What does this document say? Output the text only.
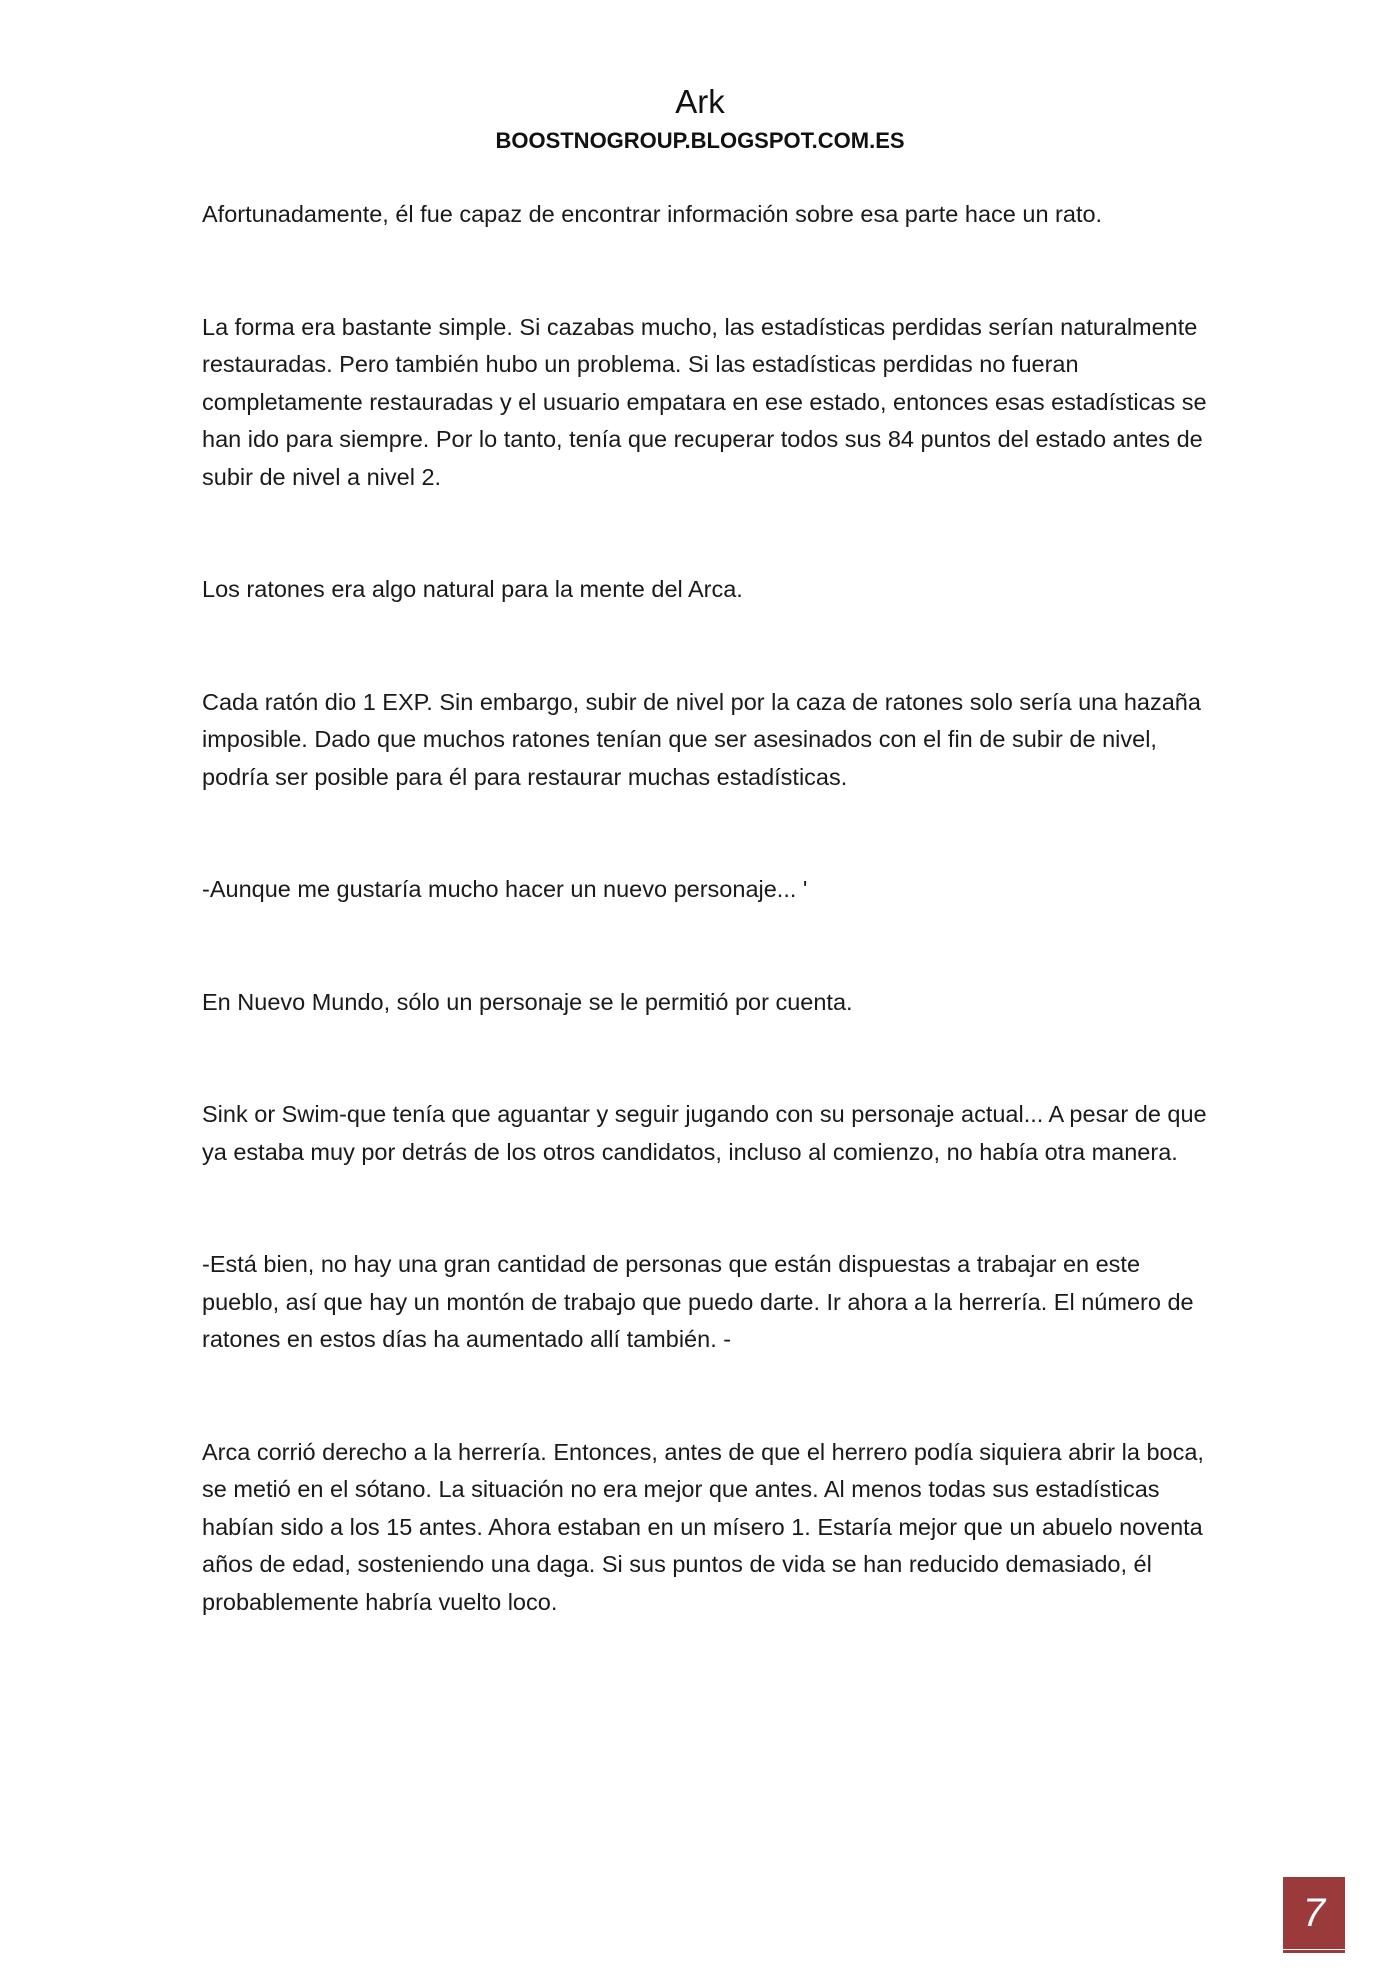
Ark
BOOSTNOGROUP.BLOGSPOT.COM.ES

Afortunadamente, él fue capaz de encontrar información sobre esa parte hace un rato.

La forma era bastante simple. Si cazabas mucho, las estadísticas perdidas serían naturalmente restauradas. Pero también hubo un problema. Si las estadísticas perdidas no fueran completamente restauradas y el usuario empatara en ese estado, entonces esas estadísticas se han ido para siempre. Por lo tanto, tenía que recuperar todos sus 84 puntos del estado antes de subir de nivel a nivel 2.

Los ratones era algo natural para la mente del Arca.

Cada ratón dio 1 EXP. Sin embargo, subir de nivel por la caza de ratones solo sería una hazaña imposible. Dado que muchos ratones tenían que ser asesinados con el fin de subir de nivel, podría ser posible para él para restaurar muchas estadísticas.

-Aunque me gustaría mucho hacer un nuevo personaje... '

En Nuevo Mundo, sólo un personaje se le permitió por cuenta.

Sink or Swim-que tenía que aguantar y seguir jugando con su personaje actual... A pesar de que ya estaba muy por detrás de los otros candidatos, incluso al comienzo, no había otra manera.

-Está bien, no hay una gran cantidad de personas que están dispuestas a trabajar en este pueblo, así que hay un montón de trabajo que puedo darte. Ir ahora a la herrería. El número de ratones en estos días ha aumentado allí también. -

Arca corrió derecho a la herrería. Entonces, antes de que el herrero podía siquiera abrir la boca, se metió en el sótano. La situación no era mejor que antes. Al menos todas sus estadísticas habían sido a los 15 antes. Ahora estaban en un mísero 1. Estaría mejor que un abuelo noventa años de edad, sosteniendo una daga. Si sus puntos de vida se han reducido demasiado, él probablemente habría vuelto loco.

7
